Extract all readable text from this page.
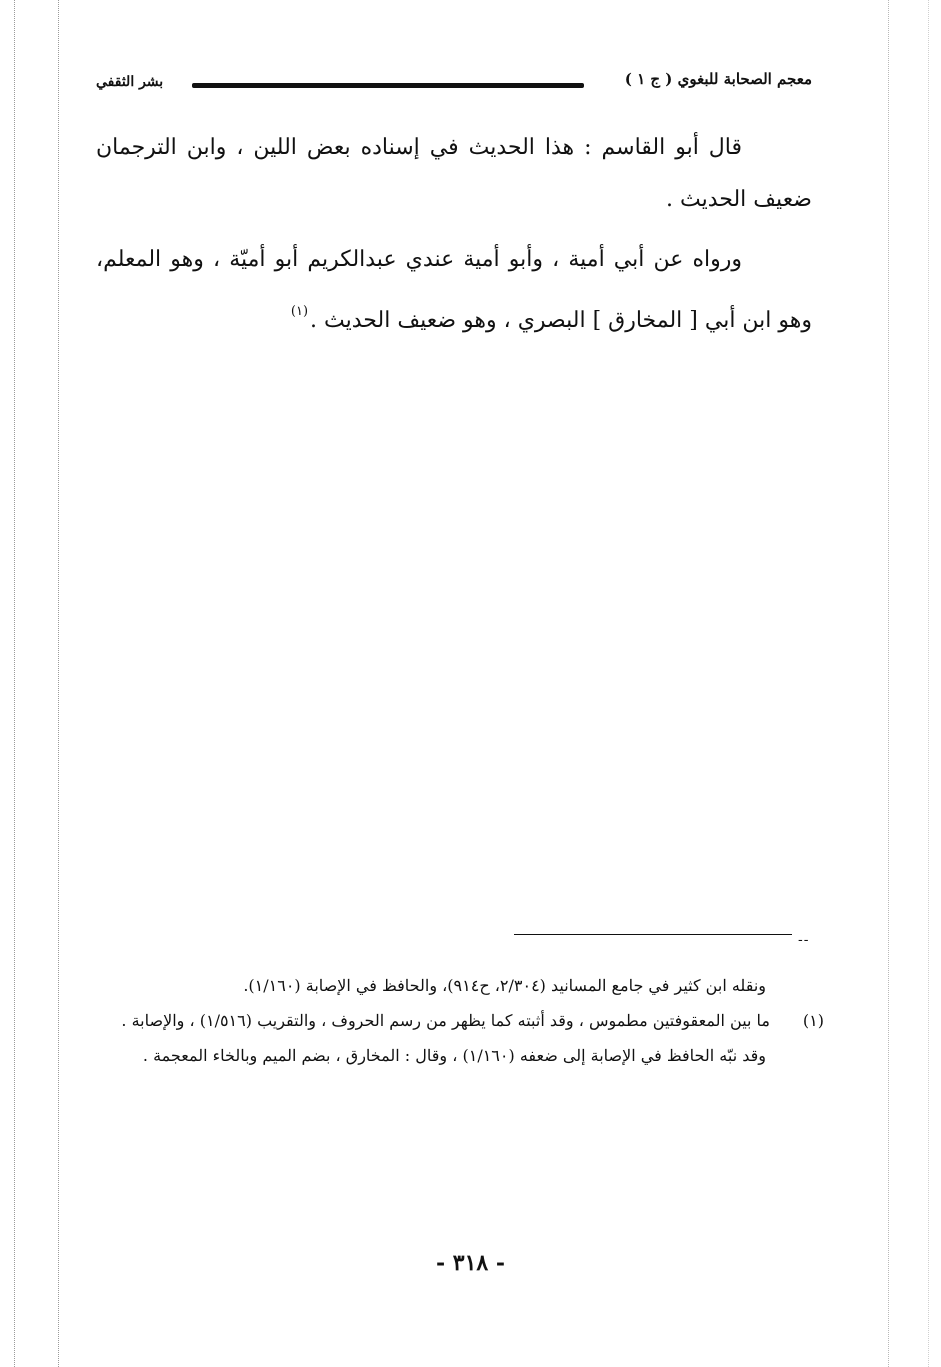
معجم الصحابة للبغوي ( ج ١ )
بشر الثقفي

قال أبو القاسم : هذا الحديث في إسناده بعض اللين ، وابن الترجمان ضعيف الحديث .

ورواه عن أبي أمية ، وأبو أمية عندي عبدالكريم أبو أميّة ، وهو المعلم، وهو ابن أبي [ المخارق ] البصري ، وهو ضعيف الحديث .$^{(١)}$

--

ونقله ابن كثير في جامع المسانيد (٢/٣٠٤، ح٩١٤)، والحافظ في الإصابة (١/١٦٠).

(١)
ما بين المعقوفتين مطموس ، وقد أثبته كما يظهر من رسم الحروف ، والتقريب (١/٥١٦) ، والإصابة .

وقد نبّه الحافظ في الإصابة إلى ضعفه (١/١٦٠) ، وقال : المخارق ، بضم الميم وبالخاء المعجمة .

- ٣١٨ -
